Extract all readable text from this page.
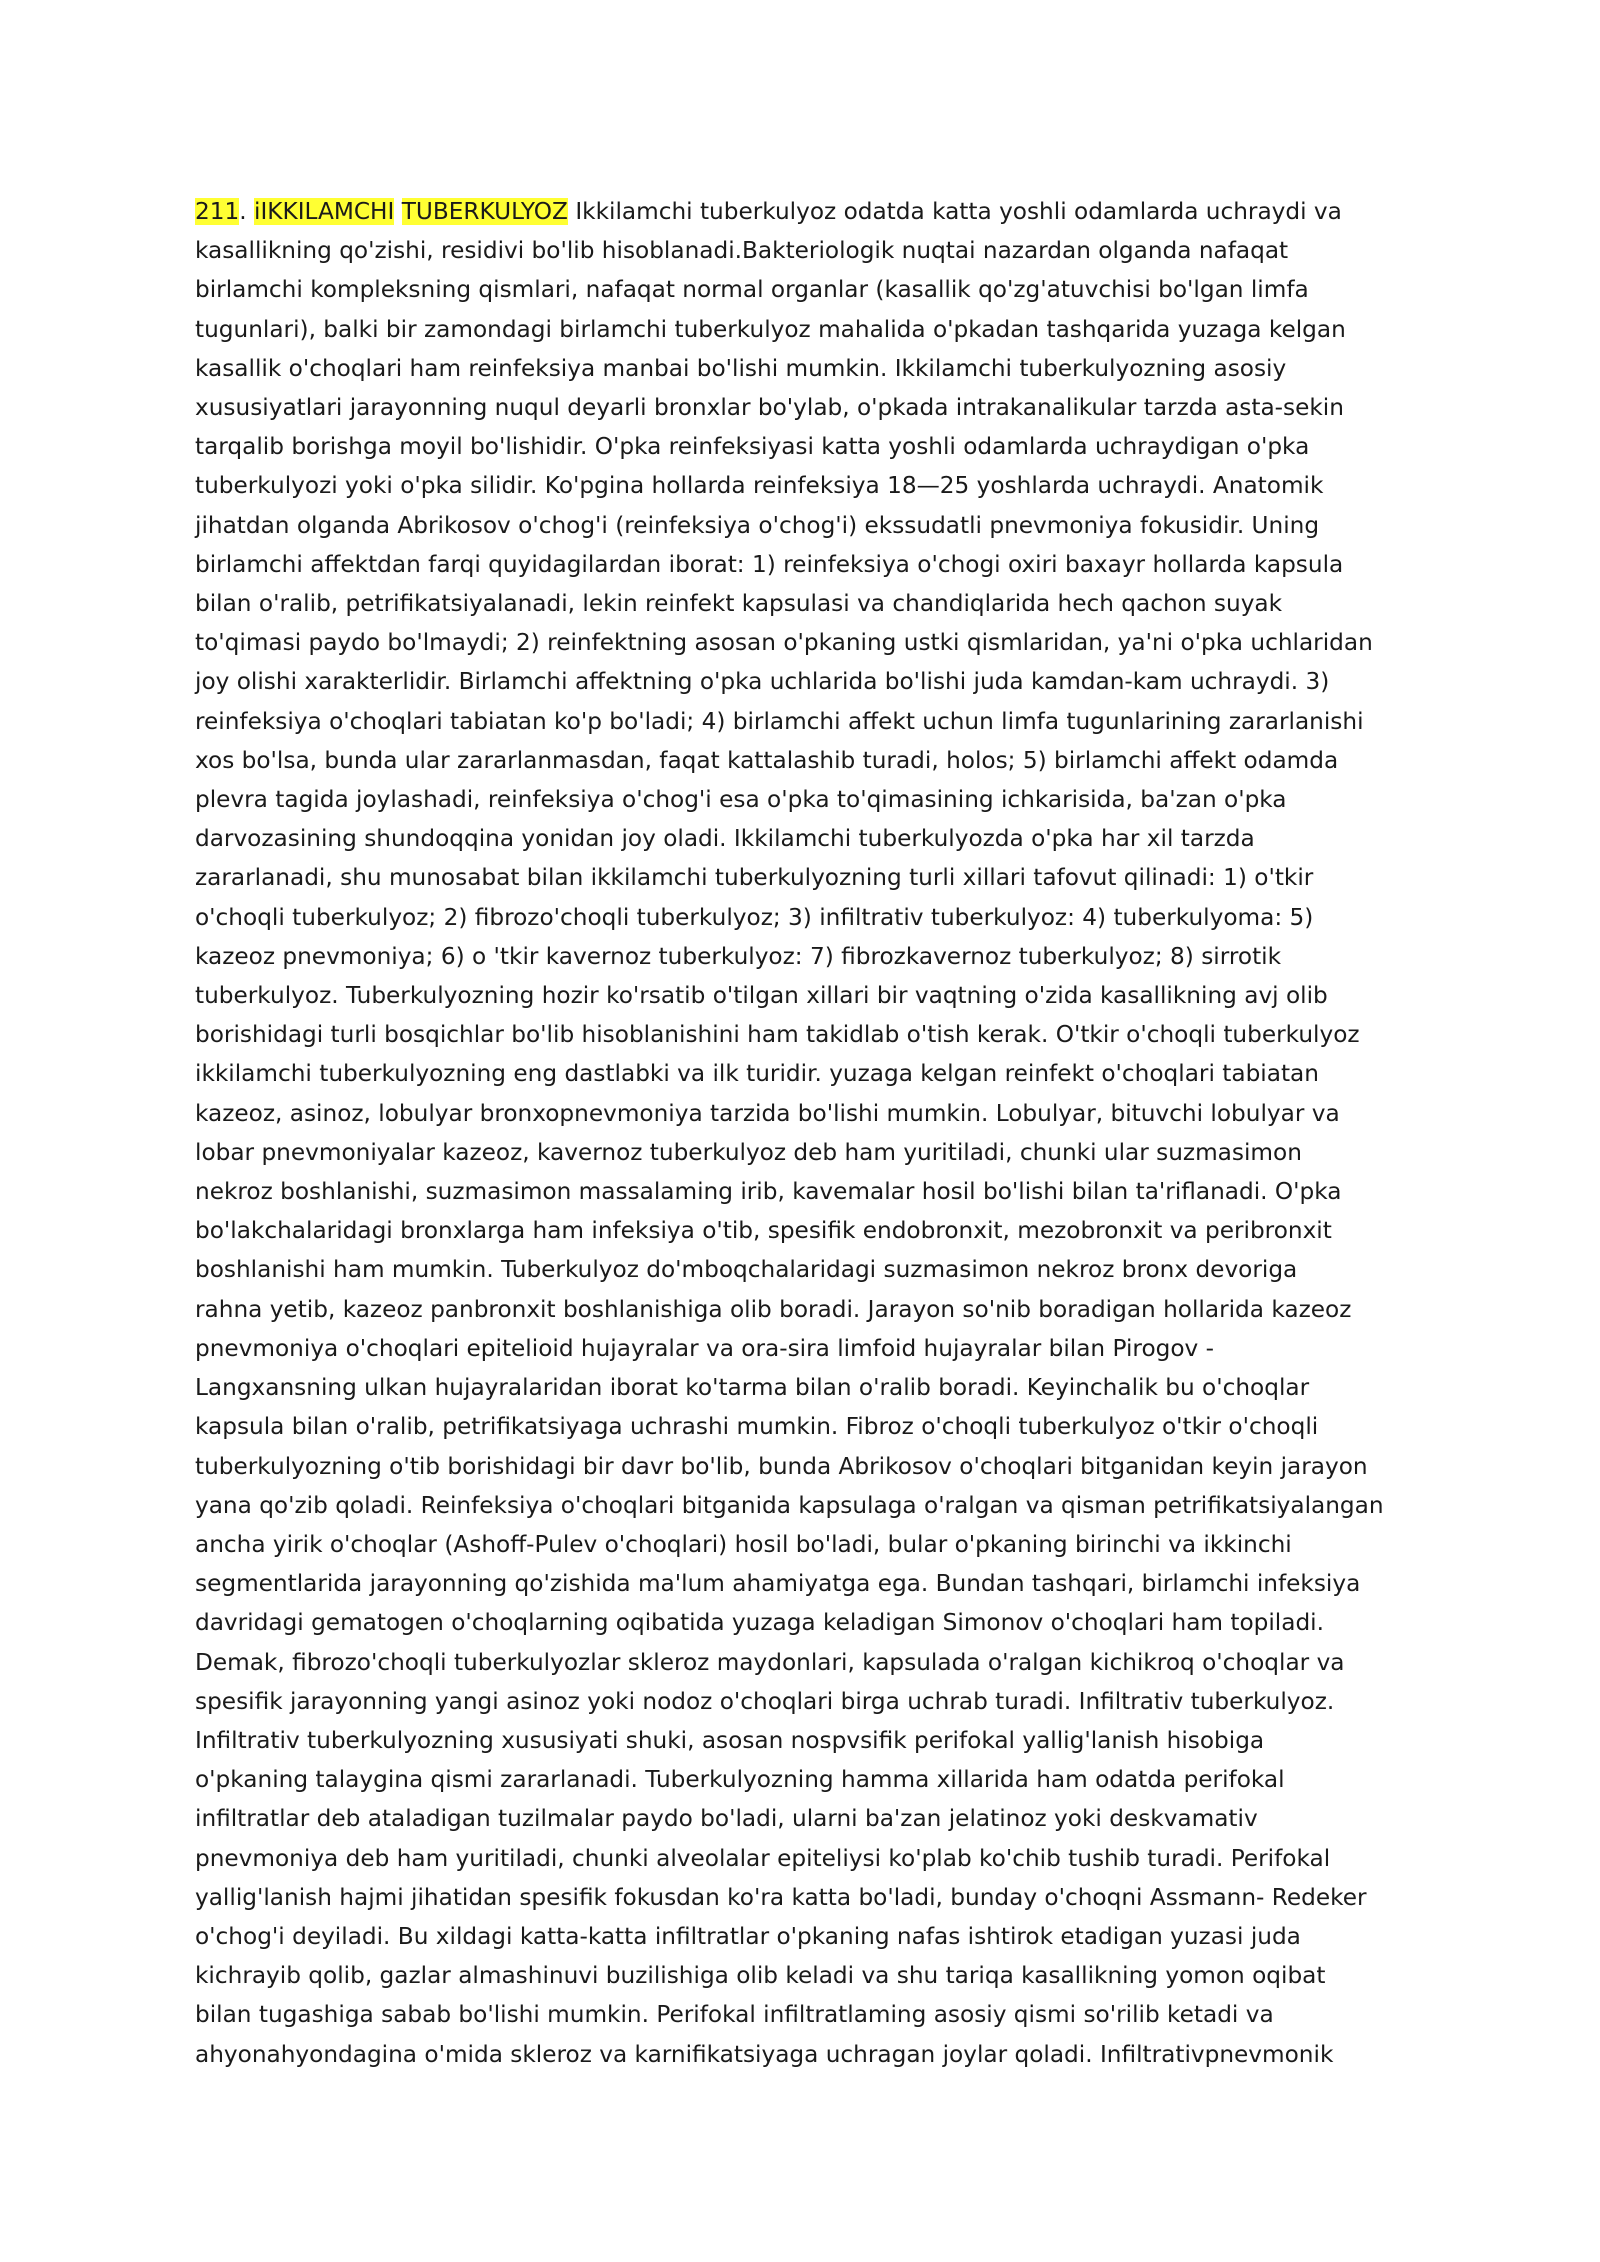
211. iIKKILAMCHI TUBERKULYOZ Ikkilamchi tuberkulyoz odatda katta yoshli odamlarda uchraydi va
kasallikning qo'zishi, residivi bo'lib hisoblanadi.Bakteriologik nuqtai nazardan olganda nafaqat
birlamchi kompleksning qismlari, nafaqat normal organlar (kasallik qo'zg'atuvchisi bo'lgan limfa
tugunlari), balki bir zamondagi birlamchi tuberkulyoz mahalida o'pkadan tashqarida yuzaga kelgan
kasallik o'choqlari ham reinfeksiya manbai bo'lishi mumkin. Ikkilamchi tuberkulyozning asosiy
xususiyatlari jarayonning nuqul deyarli bronxlar bo'ylab, o'pkada intrakanalikular tarzda asta-sekin
tarqalib borishga moyil bo'lishidir. O'pka reinfeksiyasi katta yoshli odamlarda uchraydigan o'pka
tuberkulyozi yoki o'pka silidir. Ko'pgina hollarda reinfeksiya 18—25 yoshlarda uchraydi. Anatomik
jihatdan olganda Abrikosov o'chog'i (reinfeksiya o'chog'i) ekssudatli pnevmoniya fokusidir. Uning
birlamchi affektdan farqi quyidagilardan iborat: 1) reinfeksiya o'chogi oxiri baxayr hollarda kapsula
bilan o'ralib, petrifikatsiyalanadi, lekin reinfekt kapsulasi va chandiqlarida hech qachon suyak
to'qimasi paydo bo'lmaydi; 2) reinfektning asosan o'pkaning ustki qismlaridan, ya'ni o'pka uchlaridan
joy olishi xarakterlidir. Birlamchi affektning o'pka uchlarida bo'lishi juda kamdan-kam uchraydi. 3)
reinfeksiya o'choqlari tabiatan ko'p bo'ladi; 4) birlamchi affekt uchun limfa tugunlarining zararlanishi
xos bo'lsa, bunda ular zararlanmasdan, faqat kattalashib turadi, holos; 5) birlamchi affekt odamda
plevra tagida joylashadi, reinfeksiya o'chog'i esa o'pka to'qimasining ichkarisida, ba'zan o'pka
darvozasining shundoqqina yonidan joy oladi. Ikkilamchi tuberkulyozda o'pka har xil tarzda
zararlanadi, shu munosabat bilan ikkilamchi tuberkulyozning turli xillari tafovut qilinadi: 1) o'tkir
o'choqli tuberkulyoz; 2) fibrozo'choqli tuberkulyoz; 3) infiltrativ tuberkulyoz: 4) tuberkulyoma: 5)
kazeoz pnevmoniya; 6) o 'tkir kavernoz tuberkulyoz: 7) fibrozkavernoz tuberkulyoz; 8) sirrotik
tuberkulyoz. Tuberkulyozning hozir ko'rsatib o'tilgan xillari bir vaqtning o'zida kasallikning avj olib
borishidagi turli bosqichlar bo'lib hisoblanishini ham takidlab o'tish kerak. O'tkir o'choqli tuberkulyoz
ikkilamchi tuberkulyozning eng dastlabki va ilk turidir. yuzaga kelgan reinfekt o'choqlari tabiatan
kazeoz, asinoz, lobulyar bronxopnevmoniya tarzida bo'lishi mumkin. Lobulyar, bituvchi lobulyar va
lobar pnevmoniyalar kazeoz, kavernoz tuberkulyoz deb ham yuritiladi, chunki ular suzmasimon
nekroz boshlanishi, suzmasimon massalaming irib, kavemalar hosil bo'lishi bilan ta'riflanadi. O'pka
bo'lakchalaridagi bronxlarga ham infeksiya o'tib, spesifik endobronxit, mezobronxit va peribronxit
boshlanishi ham mumkin. Tuberkulyoz do'mboqchalaridagi suzmasimon nekroz bronx devoriga
rahna yetib, kazeoz panbronxit boshlanishiga olib boradi. Jarayon so'nib boradigan hollarida kazeoz
pnevmoniya o'choqlari epitelioid hujayralar va ora-sira limfoid hujayralar bilan Pirogov -
Langxansning ulkan hujayralaridan iborat ko'tarma bilan o'ralib boradi. Keyinchalik bu o'choqlar
kapsula bilan o'ralib, petrifikatsiyaga uchrashi mumkin. Fibroz o'choqli tuberkulyoz o'tkir o'choqli
tuberkulyozning o'tib borishidagi bir davr bo'lib, bunda Abrikosov o'choqlari bitganidan keyin jarayon
yana qo'zib qoladi. Reinfeksiya o'choqlari bitganida kapsulaga o'ralgan va qisman petrifikatsiyalangan
ancha yirik o'choqlar (Ashoff-Pulev o'choqlari) hosil bo'ladi, bular o'pkaning birinchi va ikkinchi
segmentlarida jarayonning qo'zishida ma'lum ahamiyatga ega. Bundan tashqari, birlamchi infeksiya
davridagi gematogen o'choqlarning oqibatida yuzaga keladigan Simonov o'choqlari ham topiladi.
Demak, fibrozo'choqli tuberkulyozlar skleroz maydonlari, kapsulada o'ralgan kichikroq o'choqlar va
spesifik jarayonning yangi asinoz yoki nodoz o'choqlari birga uchrab turadi. Infiltrativ tuberkulyoz.
Infiltrativ tuberkulyozning xususiyati shuki, asosan nospvsifik perifokal yallig'lanish hisobiga
o'pkaning talaygina qismi zararlanadi. Tuberkulyozning hamma xillarida ham odatda perifokal
infiltratlar deb ataladigan tuzilmalar paydo bo'ladi, ularni ba'zan jelatinoz yoki deskvamativ
pnevmoniya deb ham yuritiladi, chunki alveolalar epiteliysi ko'plab ko'chib tushib turadi. Perifokal
yallig'lanish hajmi jihatidan spesifik fokusdan ko'ra katta bo'ladi, bunday o'choqni Assmann- Redeker
o'chog'i deyiladi. Bu xildagi katta-katta infiltratlar o'pkaning nafas ishtirok etadigan yuzasi juda
kichrayib qolib, gazlar almashinuvi buzilishiga olib keladi va shu tariqa kasallikning yomon oqibat
bilan tugashiga sabab bo'lishi mumkin. Perifokal infiltratlaming asosiy qismi so'rilib ketadi va
ahyonahyondagina o'mida skleroz va karnifikatsiyaga uchragan joylar qoladi. Infiltrativpnevmonik
